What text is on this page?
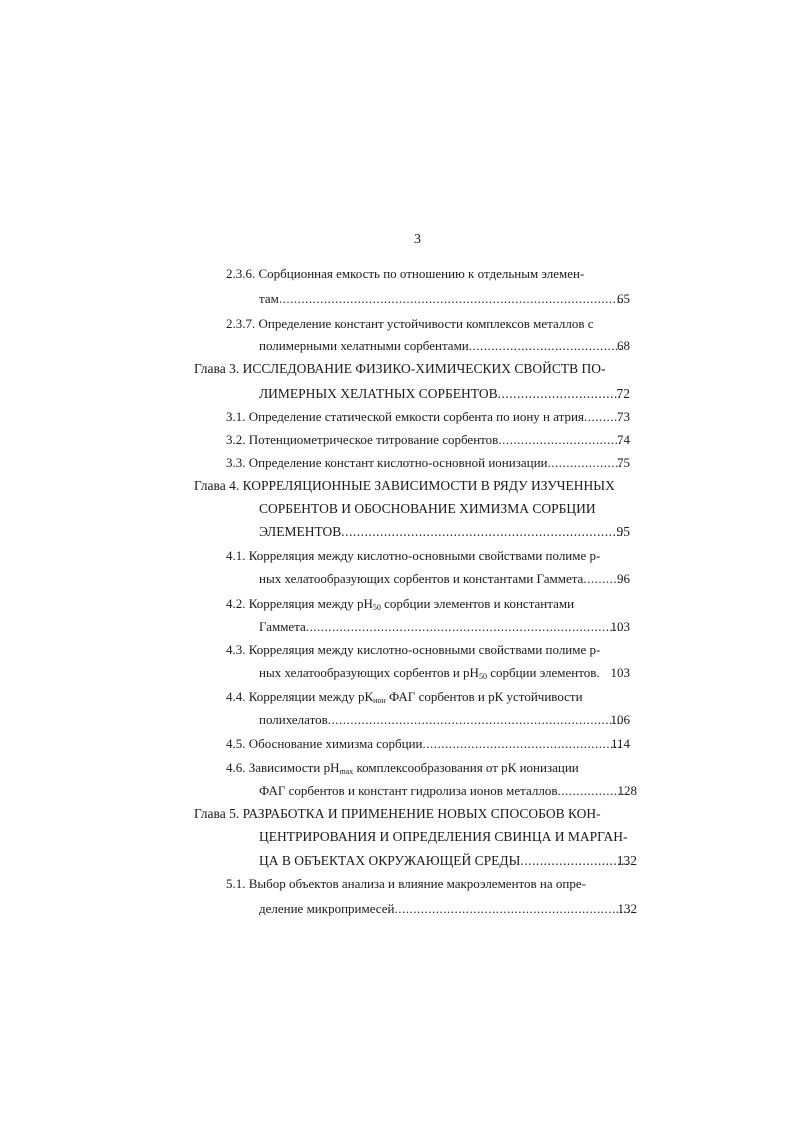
3
2.3.6. Сорбционная емкость по отношению к отдельным элемен-
там .....	65
2.3.7. Определение констант устойчивости комплексов металлов с
полимерными хелатными сорбентами .....	68
Глава 3. ИССЛЕДОВАНИЕ ФИЗИКО-ХИМИЧЕСКИХ СВОЙСТВ ПО-
ЛИМЕРНЫХ ХЕЛАТНЫХ СОРБЕНТОВ .....	72
3.1. Определение статической емкости сорбента по иону н атрия .....	73
3.2. Потенциометрическое титрование сорбентов .....	74
3.3. Определение констант кислотно-основной ионизации .....	75
Глава 4. КОРРЕЛЯЦИОННЫЕ ЗАВИСИМОСТИ В РЯДУ ИЗУЧЕННЫХ
СОРБЕНТОВ И ОБОСНОВАНИЕ ХИМИЗМА СОРБЦИИ
ЭЛЕМЕНТОВ .....	95
4.1. Корреляция между кислотно-основными свойствами полиме р-
ных хелатообразующих сорбентов и константами Гаммета .....	96
4.2. Корреляция между $рН_{50}$ сорбции элементов и константами
Гаммета .....	103
4.3. Корреляция между кислотно-основными свойствами полиме р-
ных хелатообразующих сорбентов и $рН_{50}$ сорбции элементов. 103
4.4. Корреляции между $рК_{ион}$ ФАГ сорбентов и рК устойчивости
полихелатов .....	106
4.5. Обоснование химизма сорбции .....	114
4.6. Зависимости $рН_{max}$ комплексообразования от рК ионизации
ФАГ сорбентов и констант гидролиза ионов металлов .....	128
Глава 5. РАЗРАБОТКА И ПРИМЕНЕНИЕ НОВЫХ СПОСОБОВ КОН-
ЦЕНТРИРОВАНИЯ И ОПРЕДЕЛЕНИЯ СВИНЦА И МАРГАН-
ЦА В ОБЪЕКТАХ ОКРУЖАЮЩЕЙ СРЕДЫ .....	132
5.1. Выбор объектов анализа и влияние макроэлементов на опре-
деление микропримесей .....	132
